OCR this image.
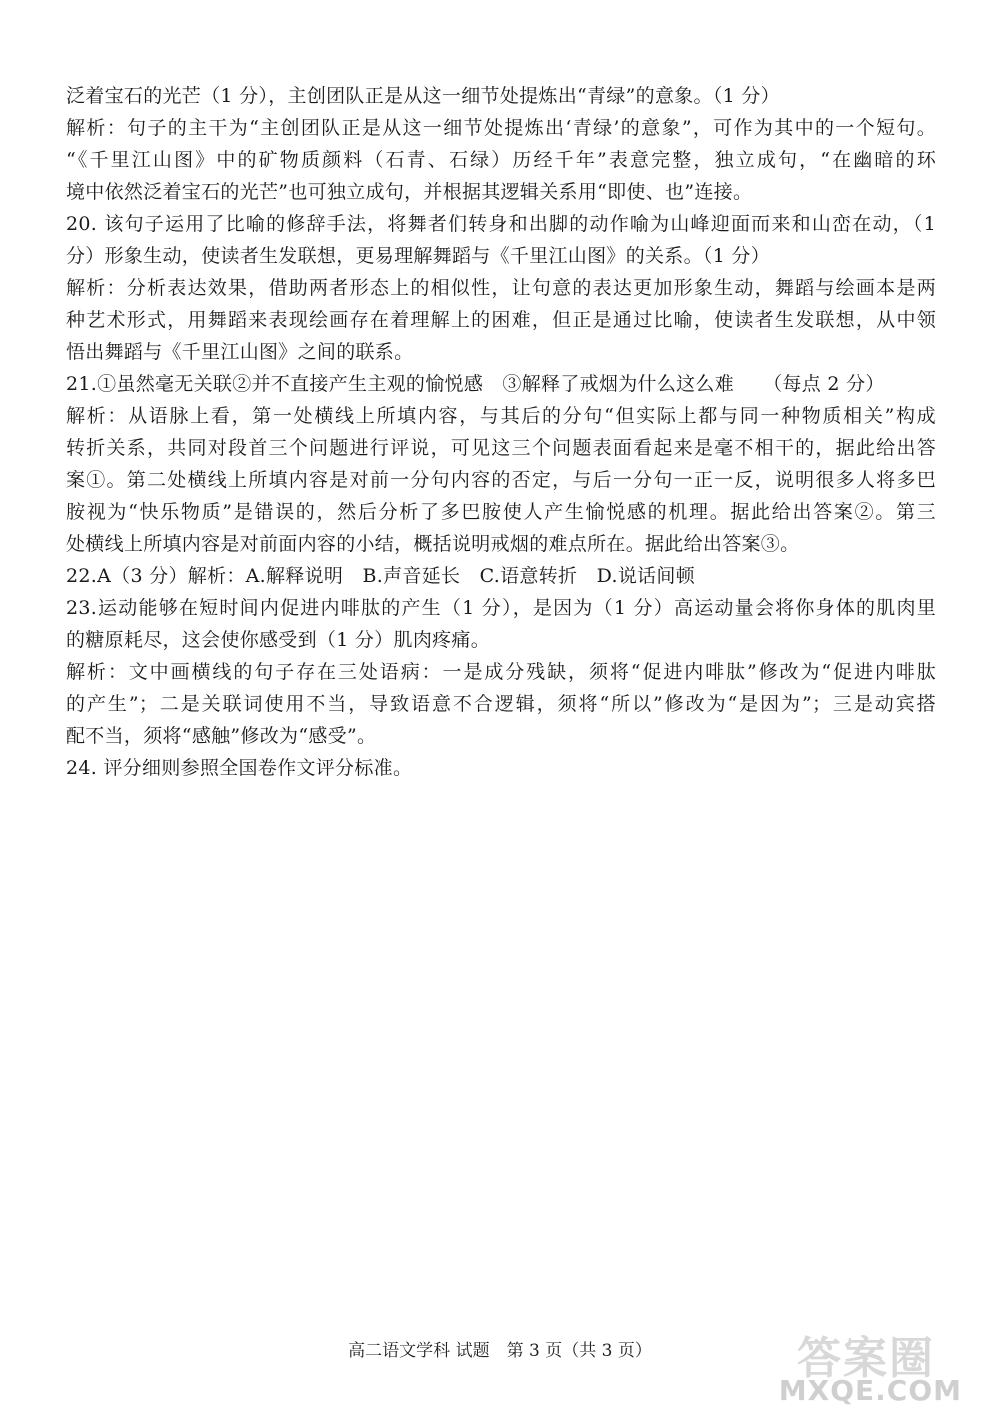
泛着宝石的光芒（1 分），主创团队正是从这一细节处提炼出“青绿”的意象。（1 分）

解析：句子的主干为“主创团队正是从这一细节处提炼出‘青绿’的意象”，可作为其中的一个短句。

“《千里江山图》中的矿物质颜料（石青、石绿）历经千年”表意完整，独立成句，“在幽暗的环

境中依然泛着宝石的光芒”也可独立成句，并根据其逻辑关系用“即使、也”连接。

20. 该句子运用了比喻的修辞手法，将舞者们转身和出脚的动作喻为山峰迎面而来和山峦在动，（1

分）形象生动，使读者生发联想，更易理解舞蹈与《千里江山图》的关系。（1 分）

解析：分析表达效果，借助两者形态上的相似性，让句意的表达更加形象生动，舞蹈与绘画本是两

种艺术形式，用舞蹈来表现绘画存在着理解上的困难，但正是通过比喻，使读者生发联想，从中领

悟出舞蹈与《千里江山图》之间的联系。

21.①虽然毫无关联②并不直接产生主观的愉悦感　③解释了戒烟为什么这么难　　（每点 2 分）

解析：从语脉上看，第一处横线上所填内容，与其后的分句“但实际上都与同一种物质相关”构成

转折关系，共同对段首三个问题进行评说，可见这三个问题表面看起来是毫不相干的，据此给出答

案①。第二处横线上所填内容是对前一分句内容的否定，与后一分句一正一反，说明很多人将多巴

胺视为“快乐物质”是错误的，然后分析了多巴胺使人产生愉悦感的机理。据此给出答案②。第三

处横线上所填内容是对前面内容的小结，概括说明戒烟的难点所在。据此给出答案③。

22.A（3 分）解析：A.解释说明　B.声音延长　C.语意转折　D.说话间顿

23.运动能够在短时间内促进内啡肽的产生（1 分），是因为（1 分）高运动量会将你身体的肌肉里

的糖原耗尽，这会使你感受到（1 分）肌肉疼痛。

解析：文中画横线的句子存在三处语病：一是成分残缺，须将“促进内啡肽”修改为“促进内啡肽

的产生”；二是关联词使用不当，导致语意不合逻辑，须将“所以”修改为“是因为”；三是动宾搭

配不当，须将“感触”修改为“感受”。

24. 评分细则参照全国卷作文评分标准。

高二语文学科 试题　第 3 页（共 3 页）	答案圈
MXQE.COM
